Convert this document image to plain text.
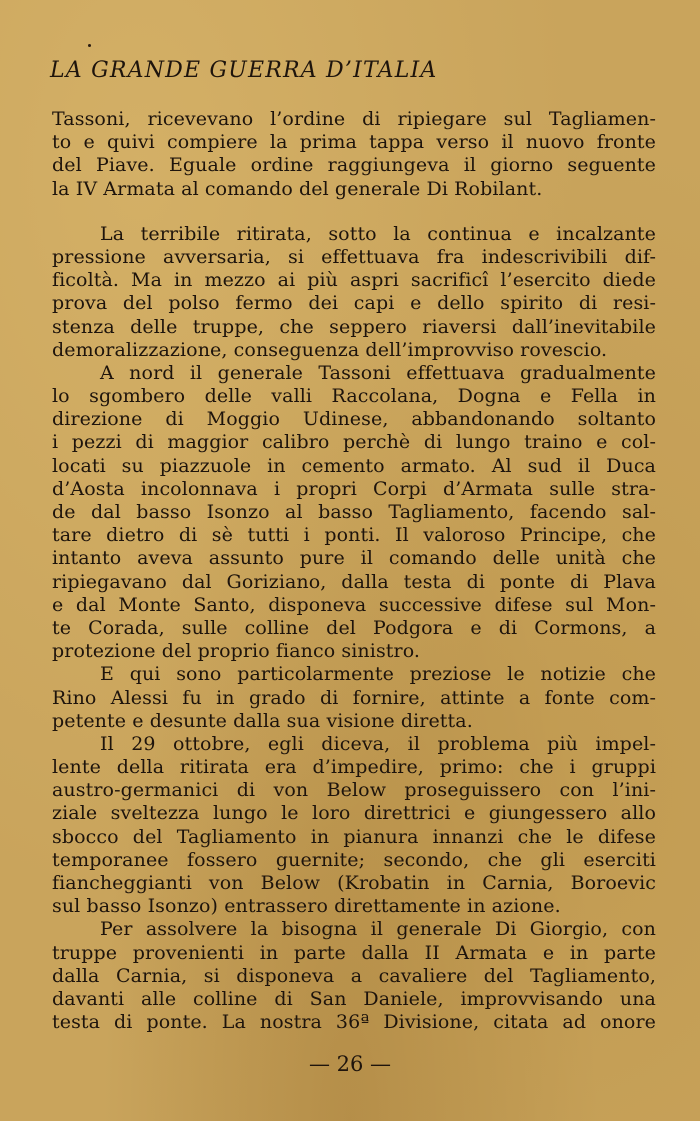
LA GRANDE GUERRA D’ITALIA
Tassoni, ricevevano l’ordine di ripiegare sul Tagliamen-
to e quivi compiere la prima tappa verso il nuovo fronte
del Piave. Eguale ordine raggiungeva il giorno seguente
la IV Armata al comando del generale Di Robilant.
La terribile ritirata, sotto la continua e incalzante
pressione avversaria, si effettuava fra indescrivibili dif-
ficoltà. Ma in mezzo ai più aspri sacrificî l’esercito diede
prova del polso fermo dei capi e dello spirito di resi-
stenza delle truppe, che seppero riaversi dall’inevitabile
demoralizzazione, conseguenza dell’improvviso rovescio.
A nord il generale Tassoni effettuava gradualmente
lo sgombero delle valli Raccolana, Dogna e Fella in
direzione di Moggio Udinese, abbandonando soltanto
i pezzi di maggior calibro perchè di lungo traino e col-
locati su piazzuole in cemento armato. Al sud il Duca
d’Aosta incolonnava i propri Corpi d’Armata sulle stra-
de dal basso Isonzo al basso Tagliamento, facendo sal-
tare dietro di sè tutti i ponti. Il valoroso Principe, che
intanto aveva assunto pure il comando delle unità che
ripiegavano dal Goriziano, dalla testa di ponte di Plava
e dal Monte Santo, disponeva successive difese sul Mon-
te Corada, sulle colline del Podgora e di Cormons, a
protezione del proprio fianco sinistro.
E qui sono particolarmente preziose le notizie che
Rino Alessi fu in grado di fornire, attinte a fonte com-
petente e desunte dalla sua visione diretta.
Il 29 ottobre, egli diceva, il problema più impel-
lente della ritirata era d’impedire, primo: che i gruppi
austro-germanici di von Below proseguissero con l’ini-
ziale sveltezza lungo le loro direttrici e giungessero allo
sbocco del Tagliamento in pianura innanzi che le difese
temporanee fossero guernite; secondo, che gli eserciti
fiancheggianti von Below (Krobatin in Carnia, Boroevic
sul basso Isonzo) entrassero direttamente in azione.
Per assolvere la bisogna il generale Di Giorgio, con
truppe provenienti in parte dalla II Armata e in parte
dalla Carnia, si disponeva a cavaliere del Tagliamento,
davanti alle colline di San Daniele, improvvisando una
testa di ponte. La nostra 36ª Divisione, citata ad onore
— 26 —
